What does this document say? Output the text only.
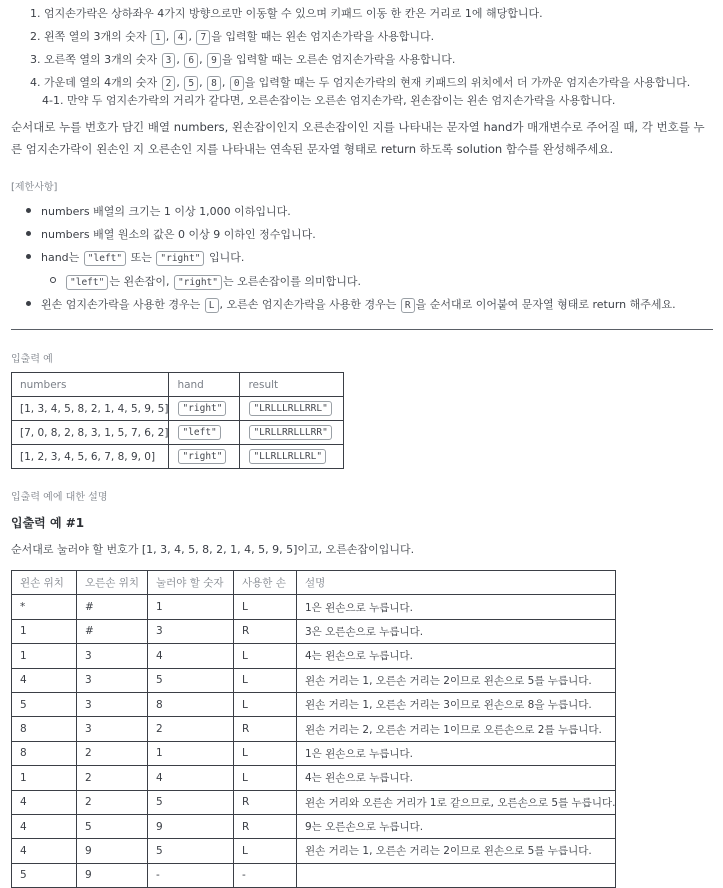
1. 엄지손가락은 상하좌우 4가지 방향으로만 이동할 수 있으며 키패드 이동 한 칸은 거리로 1에 해당합니다.
2. 왼쪽 열의 3개의 숫자 1 , 4 , 7 을 입력할 때는 왼손 엄지손가락을 사용합니다.
3. 오른쪽 열의 3개의 숫자 3 , 6 , 9 을 입력할 때는 오른손 엄지손가락을 사용합니다.
4. 가운데 열의 4개의 숫자 2 , 5 , 8 , 0 을 입력할 때는 두 엄지손가락의 현재 키패드의 위치에서 더 가까운 엄지손가락을 사용합니다.
4-1. 만약 두 엄지손가락의 거리가 같다면, 오른손잡이는 오른손 엄지손가락, 왼손잡이는 왼손 엄지손가락을 사용합니다.
순서대로 누를 번호가 담긴 배열 numbers, 왼손잡이인지 오른손잡이인 지를 나타내는 문자열 hand가 매개변수로 주어질 때, 각 번호를 누른 엄지손가락이 왼손인 지 오른손인 지를 나타내는 연속된 문자열 형태로 return 하도록 solution 함수를 완성해주세요.
[제한사항]
numbers 배열의 크기는 1 이상 1,000 이하입니다.
numbers 배열 원소의 값은 0 이상 9 이하인 정수입니다.
hand는 "left" 또는 "right" 입니다.
"left" 는 왼손잡이, "right" 는 오른손잡이를 의미합니다.
왼손 엄지손가락을 사용한 경우는 L , 오른손 엄지손가락을 사용한 경우는 R 을 순서대로 이어붙여 문자열 형태로 return 해주세요.
입출력 예
numbers	hand	result
[1, 3, 4, 5, 8, 2, 1, 4, 5, 9, 5]	"right"	"LRLLLRLLRRL"
[7, 0, 8, 2, 8, 3, 1, 5, 7, 6, 2]	"left"	"LRLLRRLLLRR"
[1, 2, 3, 4, 5, 6, 7, 8, 9, 0]	"right"	"LLRLLRLLRL"
입출력 예에 대한 설명
입출력 예 #1
순서대로 눌러야 할 번호가 [1, 3, 4, 5, 8, 2, 1, 4, 5, 9, 5]이고, 오른손잡이입니다.
왼손 위치	오른손 위치	눌러야 할 숫자	사용한 손	설명
*	#	1	L	1은 왼손으로 누릅니다.
1	#	3	R	3은 오른손으로 누릅니다.
1	3	4	L	4는 왼손으로 누릅니다.
4	3	5	L	왼손 거리는 1, 오른손 거리는 2이므로 왼손으로 5를 누릅니다.
5	3	8	L	왼손 거리는 1, 오른손 거리는 3이므로 왼손으로 8을 누릅니다.
8	3	2	R	왼손 거리는 2, 오른손 거리는 1이므로 오른손으로 2를 누릅니다.
8	2	1	L	1은 왼손으로 누릅니다.
1	2	4	L	4는 왼손으로 누릅니다.
4	2	5	R	왼손 거리와 오른손 거리가 1로 같으므로, 오른손으로 5를 누릅니다.
4	5	9	R	9는 오른손으로 누릅니다.
4	9	5	L	왼손 거리는 1, 오른손 거리는 2이므로 왼손으로 5를 누릅니다.
5	9	-	-	
